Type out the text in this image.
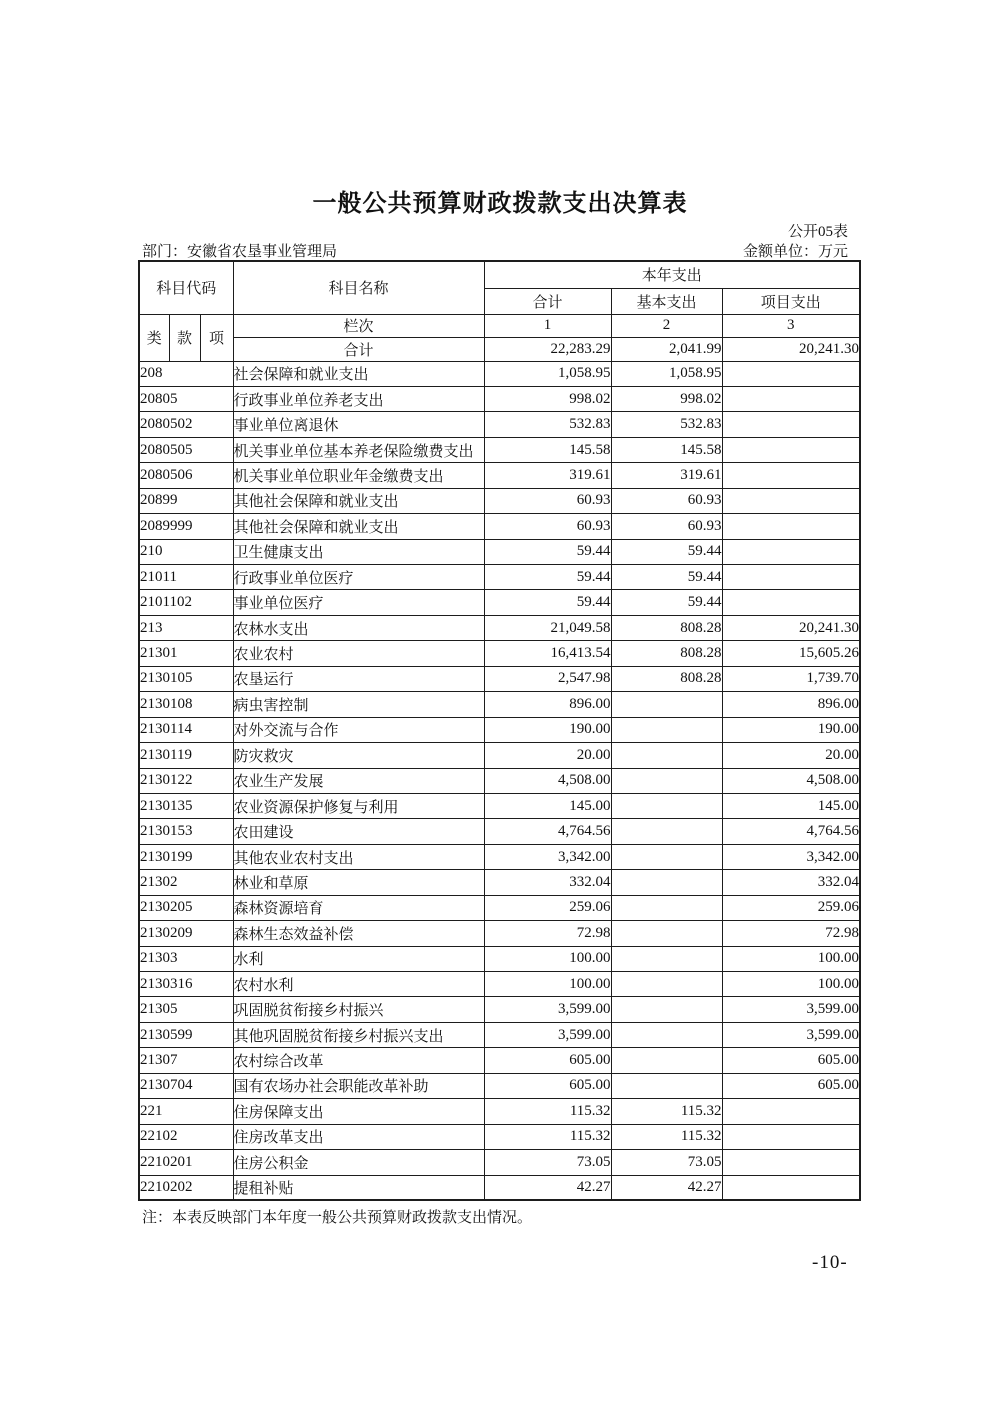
一般公共预算财政拨款支出决算表
公开05表
部门：安徽省农垦事业管理局	金额单位：万元
科目代码			科目名称	本年支出		
				合计	基本支出	项目支出
类	款	项	栏次	1	2	3
			合计	22,283.29	2,041.99	20,241.30
208			社会保障和就业支出	1,058.95	1,058.95	
20805			行政事业单位养老支出	998.02	998.02	
2080502			事业单位离退休	532.83	532.83	
2080505			机关事业单位基本养老保险缴费支出	145.58	145.58	
2080506			机关事业单位职业年金缴费支出	319.61	319.61	
20899			其他社会保障和就业支出	60.93	60.93	
2089999			其他社会保障和就业支出	60.93	60.93	
210			卫生健康支出	59.44	59.44	
21011			行政事业单位医疗	59.44	59.44	
2101102			事业单位医疗	59.44	59.44	
213			农林水支出	21,049.58	808.28	20,241.30
21301			农业农村	16,413.54	808.28	15,605.26
2130105			农垦运行	2,547.98	808.28	1,739.70
2130108			病虫害控制	896.00		896.00
2130114			对外交流与合作	190.00		190.00
2130119			防灾救灾	20.00		20.00
2130122			农业生产发展	4,508.00		4,508.00
2130135			农业资源保护修复与利用	145.00		145.00
2130153			农田建设	4,764.56		4,764.56
2130199			其他农业农村支出	3,342.00		3,342.00
21302			林业和草原	332.04		332.04
2130205			森林资源培育	259.06		259.06
2130209			森林生态效益补偿	72.98		72.98
21303			水利	100.00		100.00
2130316			农村水利	100.00		100.00
21305			巩固脱贫衔接乡村振兴	3,599.00		3,599.00
2130599			其他巩固脱贫衔接乡村振兴支出	3,599.00		3,599.00
21307			农村综合改革	605.00		605.00
2130704			国有农场办社会职能改革补助	605.00		605.00
221			住房保障支出	115.32	115.32	
22102			住房改革支出	115.32	115.32	
2210201			住房公积金	73.05	73.05	
2210202			提租补贴	42.27	42.27	
注：本表反映部门本年度一般公共预算财政拨款支出情况。
-10-
